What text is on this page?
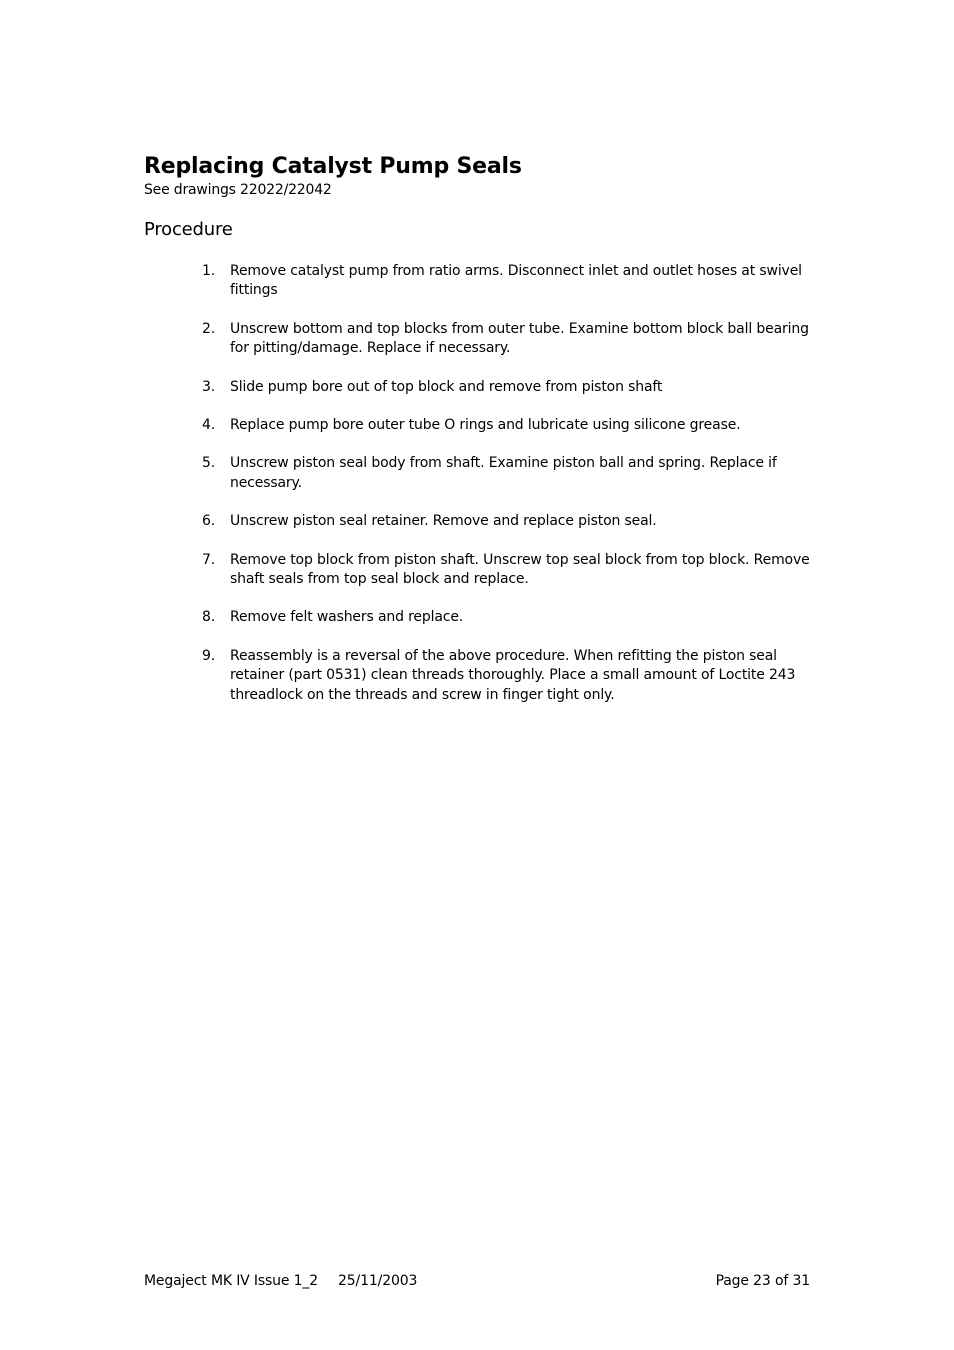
Replacing Catalyst Pump Seals

See drawings 22022/22042

Procedure
1. Remove catalyst pump from ratio arms. Disconnect inlet and outlet hoses at swivel fittings
2. Unscrew bottom and top blocks from outer tube. Examine bottom block ball bearing for pitting/damage. Replace if necessary.
3. Slide pump bore out of top block and remove from piston shaft
4. Replace pump bore outer tube O rings and lubricate using silicone grease.
5. Unscrew piston seal body from shaft. Examine piston ball and spring. Replace if necessary.
6. Unscrew piston seal retainer. Remove and replace piston seal.
7. Remove top block from piston shaft. Unscrew top seal block from top block. Remove shaft seals from top seal block and replace.
8. Remove felt washers and replace.
9. Reassembly is a reversal of the above procedure. When refitting the piston seal retainer (part 0531) clean threads thoroughly. Place a small amount of Loctite 243 threadlock on the threads and screw in finger tight only.
Megaject MK IV Issue 1_2 25/11/2003	Page 23 of 31
